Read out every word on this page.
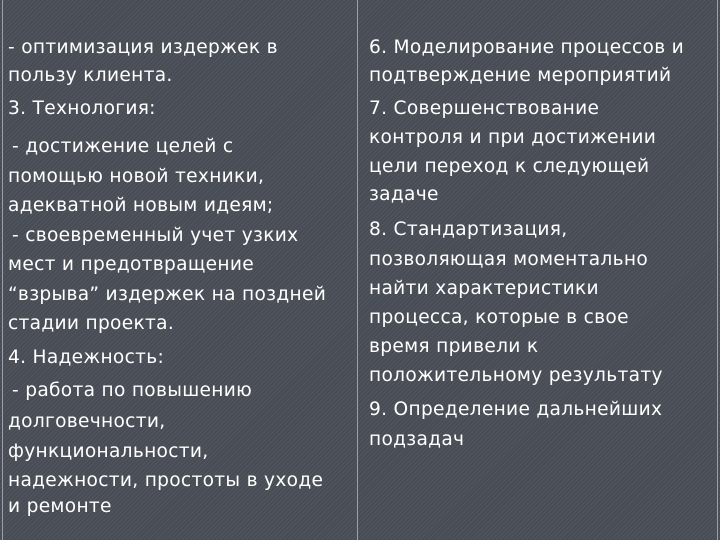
- оптимизация издержек в
пользу клиента.
3. Технология:
- достижение целей с
помощью новой техники,
адекватной новым идеям;
- своевременный учет узких
мест и предотвращение
“взрыва” издержек на поздней
стадии проекта.
4. Надежность:
- работа по повышению
долговечности,
функциональности,
надежности, простоты в уходе
и ремонте
6. Моделирование процессов и
подтверждение мероприятий
7. Совершенствование
контроля и при достижении
цели переход к следующей
задаче
8. Стандартизация,
позволяющая моментально
найти характеристики
процесса, которые в свое
время привели к
положительному результату
9. Определение дальнейших
подзадач
